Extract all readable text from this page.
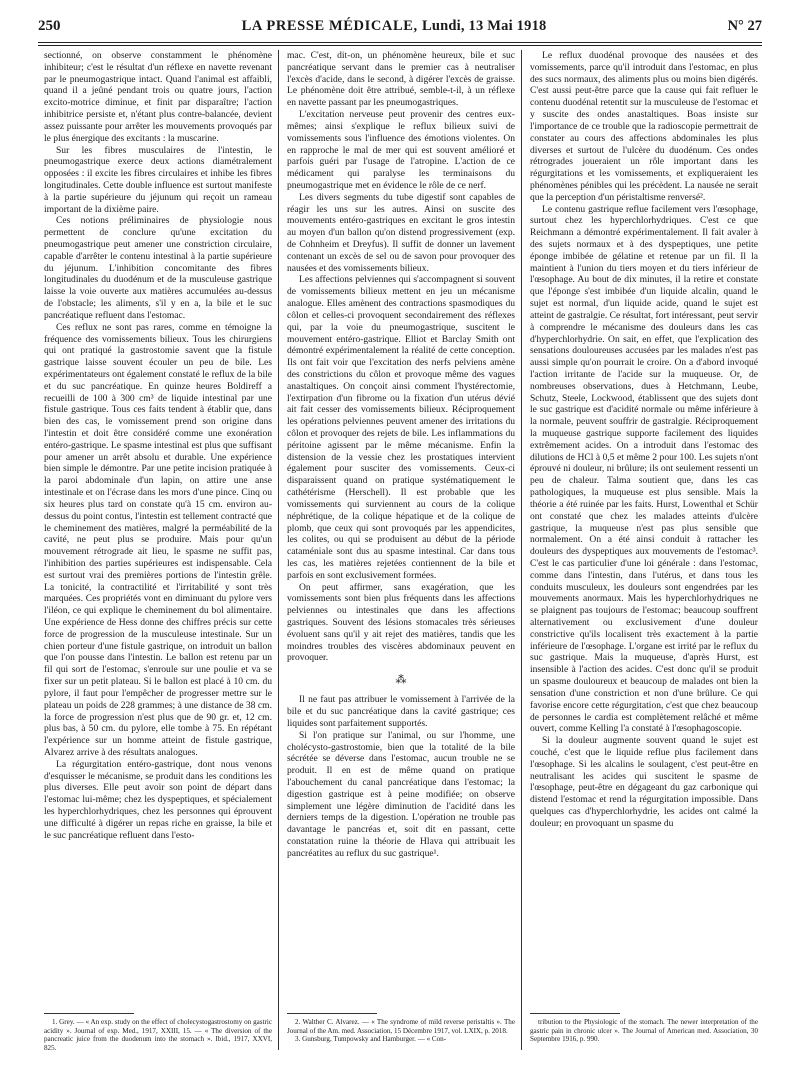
250	LA PRESSE MÉDICALE, Lundi, 13 Mai 1918	N° 27

sectionné, on observe constamment le phénomène inhibiteur; c'est le résultat d'un réflexe en navette revenant par le pneumogastrique intact. Quand l'animal est affaibli, quand il a jeûné pendant trois ou quatre jours, l'action excito-motrice diminue, et finit par disparaître; l'action inhibitrice persiste et, n'étant plus contre-balancée, devient assez puissante pour arrêter les mouvements provoqués par le plus énergique des excitants : la muscarine.

Sur les fibres musculaires de l'intestin, le pneumogastrique exerce deux actions diamétralement opposées : il excite les fibres circulaires et inhibe les fibres longitudinales. Cette double influence est surtout manifeste à la partie supérieure du jéjunum qui reçoit un rameau important de la dixième paire.

Ces notions préliminaires de physiologie nous permettent de conclure qu'une excitation du pneumogastrique peut amener une constriction circulaire, capable d'arrêter le contenu intestinal à la partie supérieure du jéjunum. L'inhibition concomitante des fibres longitudinales du duodénum et de la musculeuse gastrique laisse la voie ouverte aux matières accumulées au-dessus de l'obstacle; les aliments, s'il y en a, la bile et le suc pancréatique refluent dans l'estomac.

Ces reflux ne sont pas rares, comme en témoigne la fréquence des vomissements bilieux. Tous les chirurgiens qui ont pratiqué la gastrostomie savent que la fistule gastrique laisse souvent écouler un peu de bile. Les expérimentateurs ont également constaté le reflux de la bile et du suc pancréatique. En quinze heures Boldireff a recueilli de 100 à 300 cm³ de liquide intestinal par une fistule gastrique. Tous ces faits tendent à établir que, dans bien des cas, le vomissement prend son origine dans l'intestin et doit être considéré comme une exonération entéro-gastrique. Le spasme intestinal est plus que suffisant pour amener un arrêt absolu et durable. Une expérience bien simple le démontre. Par une petite incision pratiquée à la paroi abdominale d'un lapin, on attire une anse intestinale et on l'écrase dans les mors d'une pince. Cinq ou six heures plus tard on constate qu'à 15 cm. environ au-dessus du point contus, l'intestin est tellement contracté que le cheminement des matières, malgré la perméabilité de la cavité, ne peut plus se produire. Mais pour qu'un mouvement rétrograde ait lieu, le spasme ne suffit pas, l'inhibition des parties supérieures est indispensable. Cela est surtout vrai des premières portions de l'intestin grêle. La tonicité, la contractilité et l'irritabilité y sont très marquées. Ces propriétés vont en diminuant du pylore vers l'iléon, ce qui explique le cheminement du bol alimentaire. Une expérience de Hess donne des chiffres précis sur cette force de progression de la musculeuse intestinale. Sur un chien porteur d'une fistule gastrique, on introduit un ballon que l'on pousse dans l'intestin. Le ballon est retenu par un fil qui sort de l'estomac, s'enroule sur une poulie et va se fixer sur un petit plateau. Si le ballon est placé à 10 cm. du pylore, il faut pour l'empêcher de progresser mettre sur le plateau un poids de 228 grammes; à une distance de 38 cm. la force de progression n'est plus que de 90 gr. et, 12 cm. plus bas, à 50 cm. du pylore, elle tombe à 75. En répétant l'expérience sur un homme atteint de fistule gastrique, Alvarez arrive à des résultats analogues.

La régurgitation entéro-gastrique, dont nous venons d'esquisser le mécanisme, se produit dans les conditions les plus diverses. Elle peut avoir son point de départ dans l'estomac lui-même; chez les dyspeptiques, et spécialement les hyperchlorhydriques, chez les personnes qui éprouvent une difficulté à digérer un repas riche en graisse, la bile et le suc pancréatique refluent dans l'esto-

mac. C'est, dit-on, un phénomène heureux, bile et suc pancréatique servant dans le premier cas à neutraliser l'excès d'acide, dans le second, à digérer l'excès de graisse. Le phénomène doit être attribué, semble-t-il, à un réflexe en navette passant par les pneumogastriques.

L'excitation nerveuse peut provenir des centres eux-mêmes; ainsi s'explique le reflux bilieux suivi de vomissements sous l'influence des émotions violentes. On en rapproche le mal de mer qui est souvent amélioré et parfois guéri par l'usage de l'atropine. L'action de ce médicament qui paralyse les terminaisons du pneumogastrique met en évidence le rôle de ce nerf.

Les divers segments du tube digestif sont capables de réagir les uns sur les autres. Ainsi on suscite des mouvements entéro-gastriques en excitant le gros intestin au moyen d'un ballon qu'on distend progressivement (exp. de Cohnheim et Dreyfus). Il suffit de donner un lavement contenant un excès de sel ou de savon pour provoquer des nausées et des vomissements bilieux.

Les affections pelviennes qui s'accompagnent si souvent de vomissements bilieux mettent en jeu un mécanisme analogue. Elles amènent des contractions spasmodiques du côlon et celles-ci provoquent secondairement des réflexes qui, par la voie du pneumogastrique, suscitent le mouvement entéro-gastrique. Elliot et Barclay Smith ont démontré expérimentalement la réalité de cette conception. Ils ont fait voir que l'excitation des nerfs pelviens amène des constrictions du côlon et provoque même des vagues anastaltiques. On conçoit ainsi comment l'hystérectomie, l'extirpation d'un fibrome ou la fixation d'un utérus dévié ait fait cesser des vomissements bilieux. Réciproquement les opérations pelviennes peuvent amener des irritations du côlon et provoquer des rejets de bile. Les inflammations du péritoine agissent par le même mécanisme. Enfin la distension de la vessie chez les prostatiques intervient également pour susciter des vomissements. Ceux-ci disparaissent quand on pratique systématiquement le cathétérisme (Herschell). Il est probable que les vomissements qui surviennent au cours de la colique néphrétique, de la colique hépatique et de la colique de plomb, que ceux qui sont provoqués par les appendicites, les colites, ou qui se produisent au début de la période cataméniale sont dus au spasme intestinal. Car dans tous les cas, les matières rejetées contiennent de la bile et parfois en sont exclusivement formées.

On peut affirmer, sans exagération, que les vomissements sont bien plus fréquents dans les affections pelviennes ou intestinales que dans les affections gastriques. Souvent des lésions stomacales très sérieuses évoluent sans qu'il y ait rejet des matières, tandis que les moindres troubles des viscères abdominaux peuvent en provoquer.

⁂

Il ne faut pas attribuer le vomissement à l'arrivée de la bile et du suc pancréatique dans la cavité gastrique; ces liquides sont parfaitement supportés.

Si l'on pratique sur l'animal, ou sur l'homme, une cholécysto-gastrostomie, bien que la totalité de la bile sécrétée se déverse dans l'estomac, aucun trouble ne se produit. Il en est de même quand on pratique l'abouchement du canal pancréatique dans l'estomac; la digestion gastrique est à peine modifiée; on observe simplement une légère diminution de l'acidité dans les derniers temps de la digestion. L'opération ne trouble pas davantage le pancréas et, soit dit en passant, cette constatation ruine la théorie de Hlava qui attribuait les pancréatites au reflux du suc gastrique¹.

Le reflux duodénal provoque des nausées et des vomissements, parce qu'il introduit dans l'estomac, en plus des sucs normaux, des aliments plus ou moins bien digérés. C'est aussi peut-être parce que la cause qui fait refluer le contenu duodénal retentit sur la musculeuse de l'estomac et y suscite des ondes anastaltiques. Boas insiste sur l'importance de ce trouble que la radioscopie permettrait de constater au cours des affections abdominales les plus diverses et surtout de l'ulcère du duodénum. Ces ondes rétrogrades joueraient un rôle important dans les régurgitations et les vomissements, et expliqueraient les phénomènes pénibles qui les précèdent. La nausée ne serait que la perception d'un péristaltisme renversé².

Le contenu gastrique reflue facilement vers l'œsophage, surtout chez les hyperchlorhydriques. C'est ce que Reichmann a démontré expérimentalement. Il fait avaler à des sujets normaux et à des dyspeptiques, une petite éponge imbibée de gélatine et retenue par un fil. Il la maintient à l'union du tiers moyen et du tiers inférieur de l'œsophage. Au bout de dix minutes, il la retire et constate que l'éponge s'est imbibée d'un liquide alcalin, quand le sujet est normal, d'un liquide acide, quand le sujet est atteint de gastralgie. Ce résultat, fort intéressant, peut servir à comprendre le mécanisme des douleurs dans les cas d'hyperchlorhydrie. On sait, en effet, que l'explication des sensations douloureuses accusées par les malades n'est pas aussi simple qu'on pourrait le croire. On a d'abord invoqué l'action irritante de l'acide sur la muqueuse. Or, de nombreuses observations, dues à Hetchmann, Leube, Schutz, Steele, Lockwood, établissent que des sujets dont le suc gastrique est d'acidité normale ou même inférieure à la normale, peuvent souffrir de gastralgie. Réciproquement la muqueuse gastrique supporte facilement des liquides extrêmement acides. On a introduit dans l'estomac des dilutions de HCl à 0,5 et même 2 pour 100. Les sujets n'ont éprouvé ni douleur, ni brûlure; ils ont seulement ressenti un peu de chaleur. Talma soutient que, dans les cas pathologiques, la muqueuse est plus sensible. Mais la théorie a été ruinée par les faits. Hurst, Lowenthal et Schür ont constaté que chez les malades atteints d'ulcère gastrique, la muqueuse n'est pas plus sensible que normalement. On a été ainsi conduit à rattacher les douleurs des dyspeptiques aux mouvements de l'estomac³. C'est le cas particulier d'une loi générale : dans l'estomac, comme dans l'intestin, dans l'utérus, et dans tous les conduits musculeux, les douleurs sont engendrées par les mouvements anormaux. Mais les hyperchlorhydriques ne se plaignent pas toujours de l'estomac; beaucoup souffrent alternativement ou exclusivement d'une douleur constrictive qu'ils localisent très exactement à la partie inférieure de l'œsophage. L'organe est irrité par le reflux du suc gastrique. Mais la muqueuse, d'après Hurst, est insensible à l'action des acides. C'est donc qu'il se produit un spasme douloureux et beaucoup de malades ont bien la sensation d'une constriction et non d'une brûlure. Ce qui favorise encore cette régurgitation, c'est que chez beaucoup de personnes le cardia est complètement relâché et même ouvert, comme Kelling l'a constaté à l'œsophagoscopie.

Si la douleur augmente souvent quand le sujet est couché, c'est que le liquide reflue plus facilement dans l'œsophage. Si les alcalins le soulagent, c'est peut-être en neutralisant les acides qui suscitent le spasme de l'œsophage, peut-être en dégageant du gaz carbonique qui distend l'estomac et rend la régurgitation impossible. Dans quelques cas d'hyperchlorhydrie, les acides ont calmé la douleur; en provoquant un spasme du

1. Grey. — « An exp. study on the effect of cholecystogastrostomy on gastric acidity ». Journal of exp. Med., 1917, XXIII, 15. — « The diversion of the pancreatic juice from the duodenum into the stomach ». Ibid., 1917, XXVI, 825.

2. Walther C. Alvarez. — « The syndrome of mild reverse peristaltis ». The Journal of the Am. med. Association, 15 Décembre 1917, vol. LXIX, p. 2018.

3. Gunsburg, Tumpowsky and Hamburger. — « Con-

tribution to the Physiologic of the stomach. The newer interpretation of the gastric pain in chronic ulcer ». The Journal of American med. Association, 30 Septembre 1916, p. 990.
